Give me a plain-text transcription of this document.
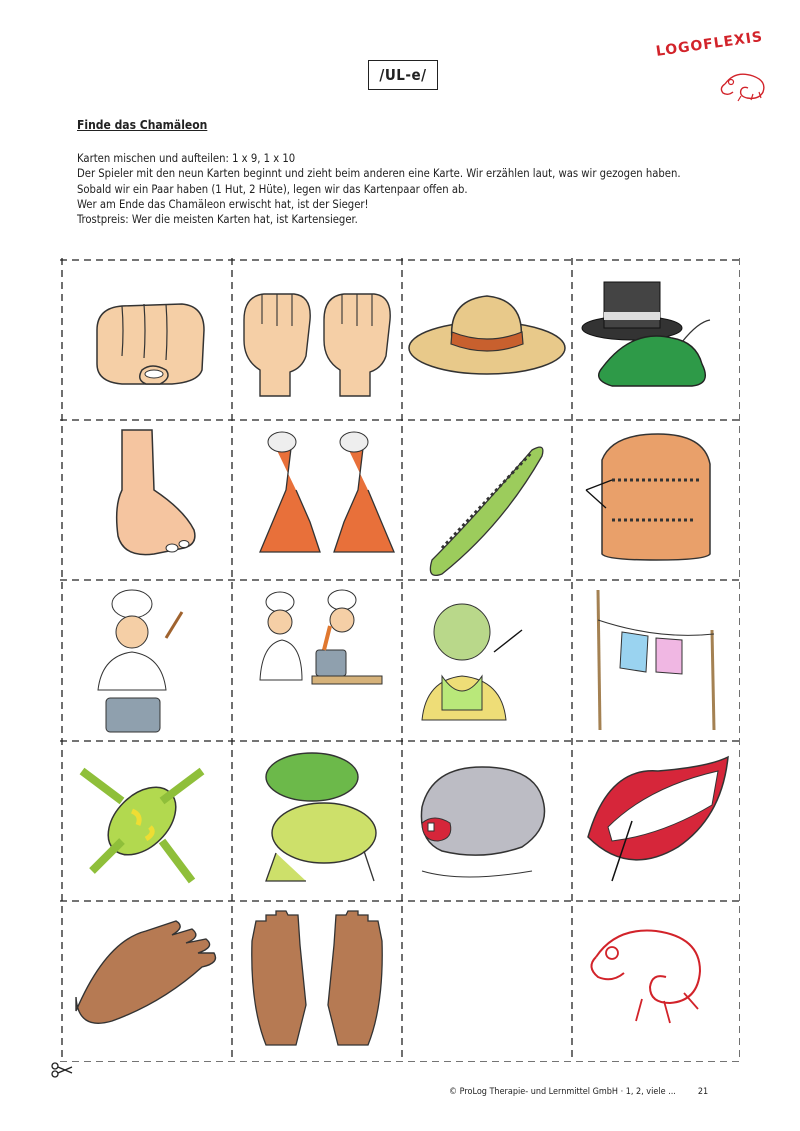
/UL-e/
LOGOFLEXIS
Finde das Chamäleon
Karten mischen und aufteilen: 1 x 9, 1 x 10
Der Spieler mit den neun Karten beginnt und zieht beim anderen eine Karte. Wir erzählen laut, was wir gezogen haben.
Sobald wir ein Paar haben (1 Hut, 2 Hüte), legen wir das Kartenpaar offen ab.
Wer am Ende das Chamäleon erwischt hat, ist der Sieger!
Trostpreis: Wer die meisten Karten hat, ist Kartensieger.
© ProLog Therapie- und Lernmittel GmbH · 1, 2, viele ... 21
